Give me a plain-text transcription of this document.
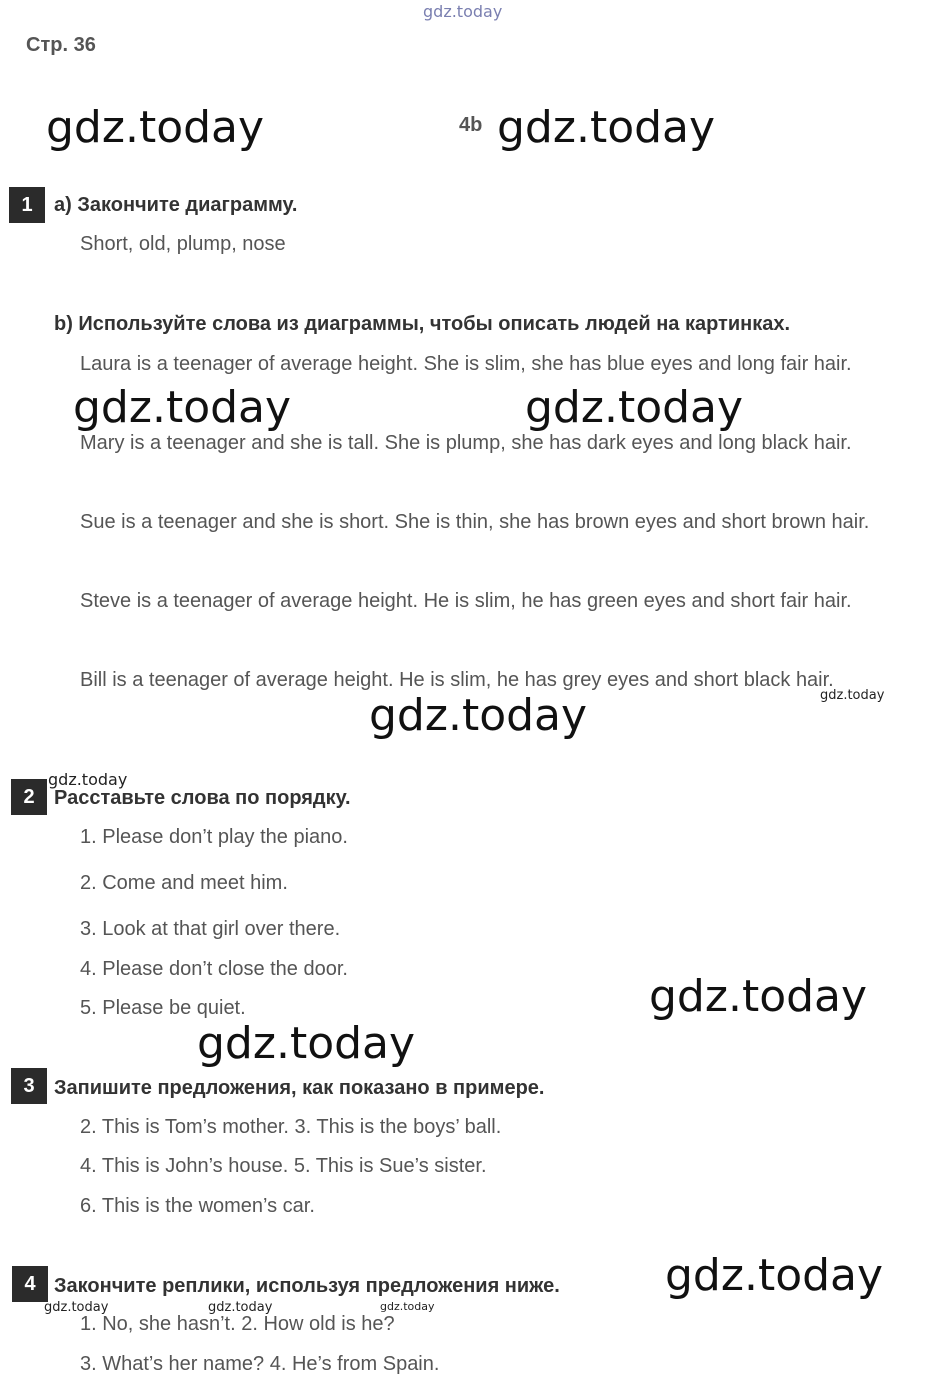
gdz.today
Стр. 36
4b
gdz.today	gdz.today
1	a) Закончите диаграмму.
Short, old, plump, nose
b) Используйте слова из диаграммы, чтобы описать людей на картинках.

Laura is a teenager of average height. She is slim, she has blue eyes and long fair hair.

Mary is a teenager and she is tall. She is plump, she has dark eyes and long black hair.

Sue is a teenager and she is short. She is thin, she has brown eyes and short brown hair.

Steve is a teenager of average height. He is slim, he has green eyes and short fair hair.

Bill is a teenager of average height. He is slim, he has grey eyes and short black hair.

gdz.today	gdz.today
gdz.today	gdz.today
gdz.today
2 Расставьте слова по порядку.
1. Please don’t play the piano.
2. Come and meet him.
3. Look at that girl over there.
4. Please don’t close the door.
5. Please be quiet.	gdz.today
gdz.today
3 Запишите предложения, как показано в примере.
2. This is Tom’s mother. 3. This is the boys’ ball.
4. This is John’s house. 5. This is Sue’s sister.
6. This is the women’s car.
4 Закончите реплики, используя предложения ниже. gdz.today
gdz.today	gdz.today	gdz.today
1. No, she hasn’t. 2. How old is he?
3. What’s her name? 4. He’s from Spain.
